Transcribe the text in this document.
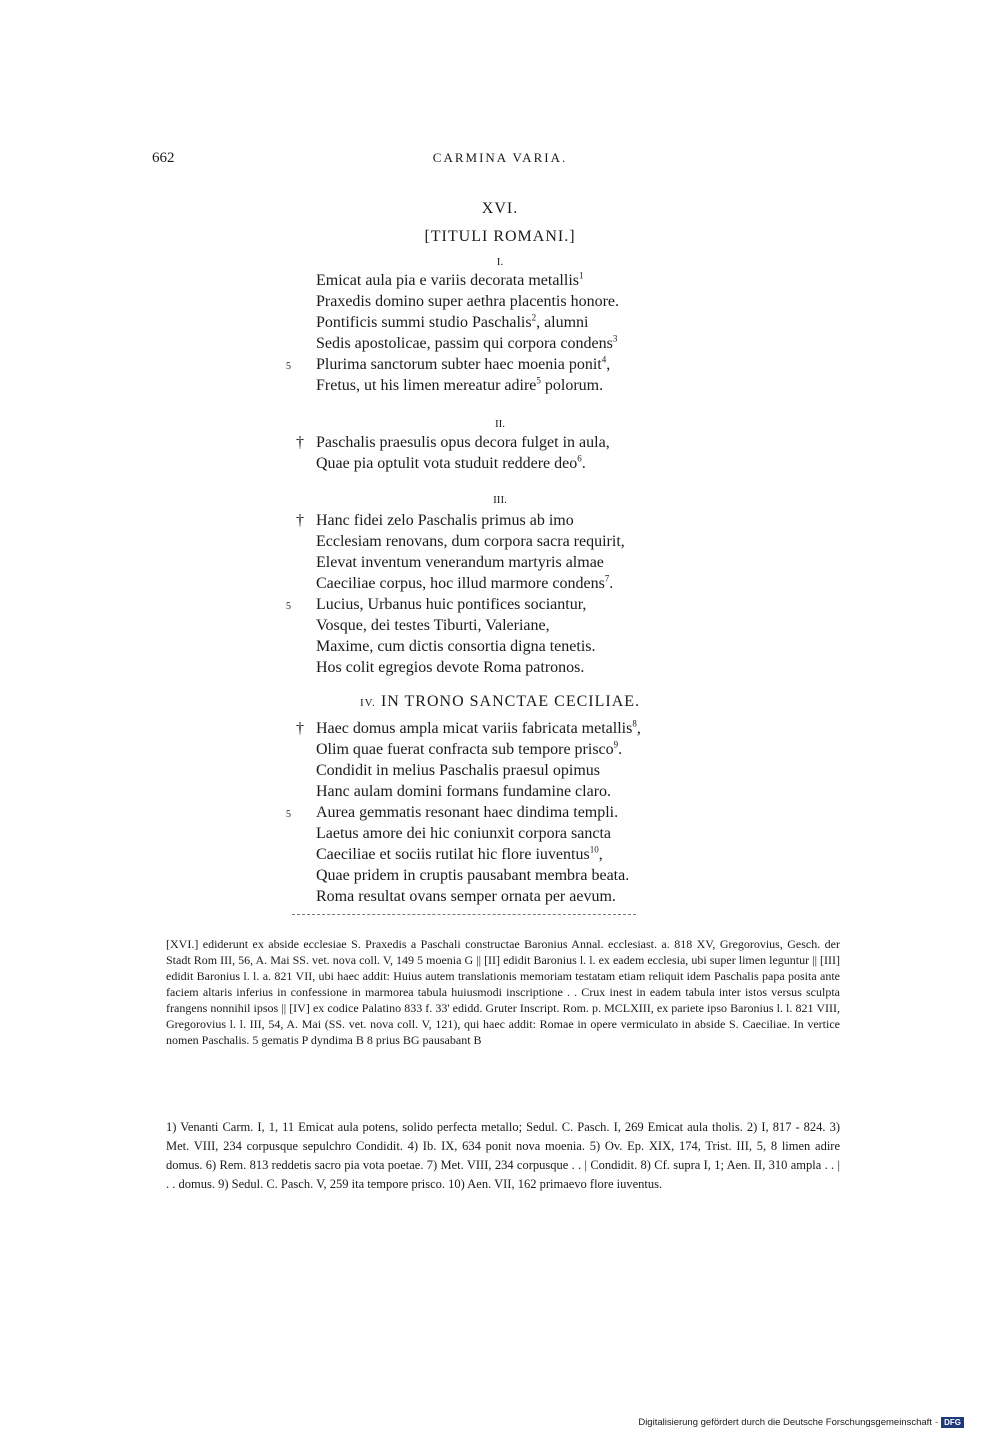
662	CARMINA VARIA.
XVI.
[TITULI ROMANI.]
I.
Emicat aula pia e variis decorata metallis$^1$
Praxedis domino super aethra placentis honore.
Pontificis summi studio Paschalis$^2$, alumni
Sedis apostolicae, passim qui corpora condens$^3$
5 Plurima sanctorum subter haec moenia ponit$^4$,
Fretus, ut his limen mereatur adire$^5$ polorum.
II.
† Paschalis praesulis opus decora fulget in aula,
Quae pia optulit vota studuit reddere deo$^6$.
III.
† Hanc fidei zelo Paschalis primus ab imo
Ecclesiam renovans, dum corpora sacra requirit,
Elevat inventum venerandum martyris almae
Caeciliae corpus, hoc illud marmore condens$^7$.
5 Lucius, Urbanus huic pontifices sociantur,
Vosque, dei testes Tiburti, Valeriane,
Maxime, cum dictis consortia digna tenetis.
Hos colit egregios devote Roma patronos.
IV. IN TRONO SANCTAE CECILIAE.
† Haec domus ampla micat variis fabricata metallis$^8$,
Olim quae fuerat confracta sub tempore prisco$^9$.
Condidit in melius Paschalis praesul opimus
Hanc aulam domini formans fundamine claro.
5 Aurea gemmatis resonant haec dindima templi.
Laetus amore dei hic coniunxit corpora sancta
Caeciliae et sociis rutilat hic flore iuventus$^{10}$,
Quae pridem in cruptis pausabant membra beata.
Roma resultat ovans semper ornata per aevum.
[XVI.] ediderunt ex abside ecclesiae S. Praxedis a Paschali constructae Baronius Annal. ecclesiast. a. 818 XV, Gregorovius, Gesch. der Stadt Rom III, 56, A. Mai SS. vet. nova coll. V, 149 5 moenia G || [II] edidit Baronius l. l. ex eadem ecclesia, ubi super limen leguntur || [III] edidit Baronius l. l. a. 821 VII, ubi haec addit: Huius autem translationis memoriam testatam etiam reliquit idem Paschalis papa posita ante faciem altaris inferius in confessione in marmorea tabula huiusmodi inscriptione . . Crux inest in eadem tabula inter istos versus sculpta frangens nonnihil ipsos || [IV] ex codice Palatino 833 f. 33' edidd. Gruter Inscript. Rom. p. MCLXIII, ex pariete ipso Baronius l. l. 821 VIII, Gregorovius l. l. III, 54, A. Mai (SS. vet. nova coll. V, 121), qui haec addit: Romae in opere vermiculato in abside S. Caeciliae. In vertice nomen Paschalis. 5 gematis P dyndima B 8 prius BG pausabant B
1) Venanti Carm. I, 1, 11 Emicat aula potens, solido perfecta metallo; Sedul. C. Pasch. I, 269 Emicat aula tholis. 2) I, 817 - 824. 3) Met. VIII, 234 corpusque sepulchro Condidit. 4) Ib. IX, 634 ponit nova moenia. 5) Ov. Ep. XIX, 174, Trist. III, 5, 8 limen adire domus. 6) Rem. 813 reddetis sacro pia vota poetae. 7) Met. VIII, 234 corpusque . . | Condidit. 8) Cf. supra I, 1; Aen. II, 310 ampla . . | . . domus. 9) Sedul. C. Pasch. V, 259 ita tempore prisco. 10) Aen. VII, 162 primaevo flore iuventus.
Digitalisierung gefördert durch die Deutsche Forschungsgemeinschaft - DFG
